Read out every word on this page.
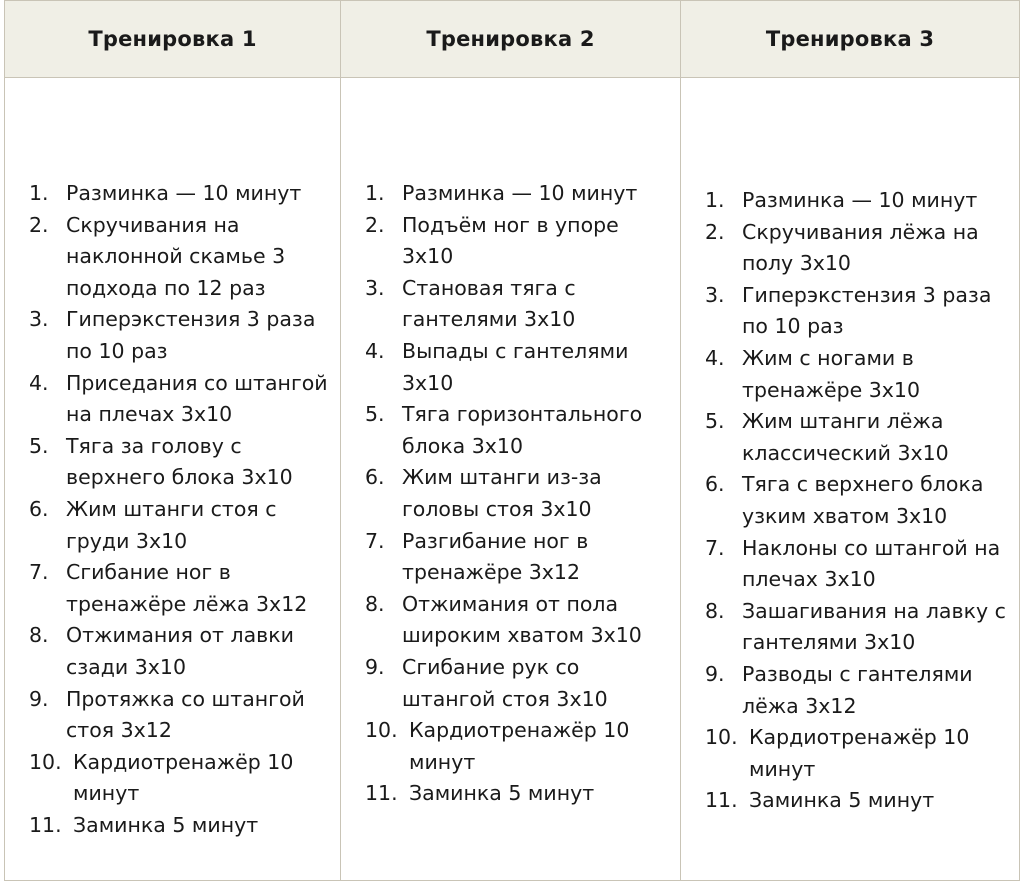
Тренировка 1	Тренировка 2	Тренировка 3
1. Разминка — 10 минут
2. Скручивания на наклонной скамье 3 подхода по 12 раз
3. Гиперэкстензия 3 раза по 10 раз
4. Приседания со штангой на плечах 3x10
5. Тяга за голову с верхнего блока 3x10
6. Жим штанги стоя с груди 3x10
7. Сгибание ног в тренажёре лёжа 3x12
8. Отжимания от лавки сзади 3x10
9. Протяжка со штангой стоя 3x12
10. Кардиотренажёр 10 минут
11. Заминка 5 минут
1. Разминка — 10 минут
2. Подъём ног в упоре 3x10
3. Становая тяга с гантелями 3x10
4. Выпады с гантелями 3x10
5. Тяга горизонтального блока 3x10
6. Жим штанги из-за головы стоя 3x10
7. Разгибание ног в тренажёре 3x12
8. Отжимания от пола широким хватом 3x10
9. Сгибание рук со штангой стоя 3x10
10. Кардиотренажёр 10 минут
11. Заминка 5 минут
1. Разминка — 10 минут
2. Скручивания лёжа на полу 3x10
3. Гиперэкстензия 3 раза по 10 раз
4. Жим с ногами в тренажёре 3x10
5. Жим штанги лёжа классический 3x10
6. Тяга с верхнего блока узким хватом 3x10
7. Наклоны со штангой на плечах 3x10
8. Зашагивания на лавку с гантелями 3x10
9. Разводы с гантелями лёжа 3x12
10. Кардиотренажёр 10 минут
11. Заминка 5 минут
